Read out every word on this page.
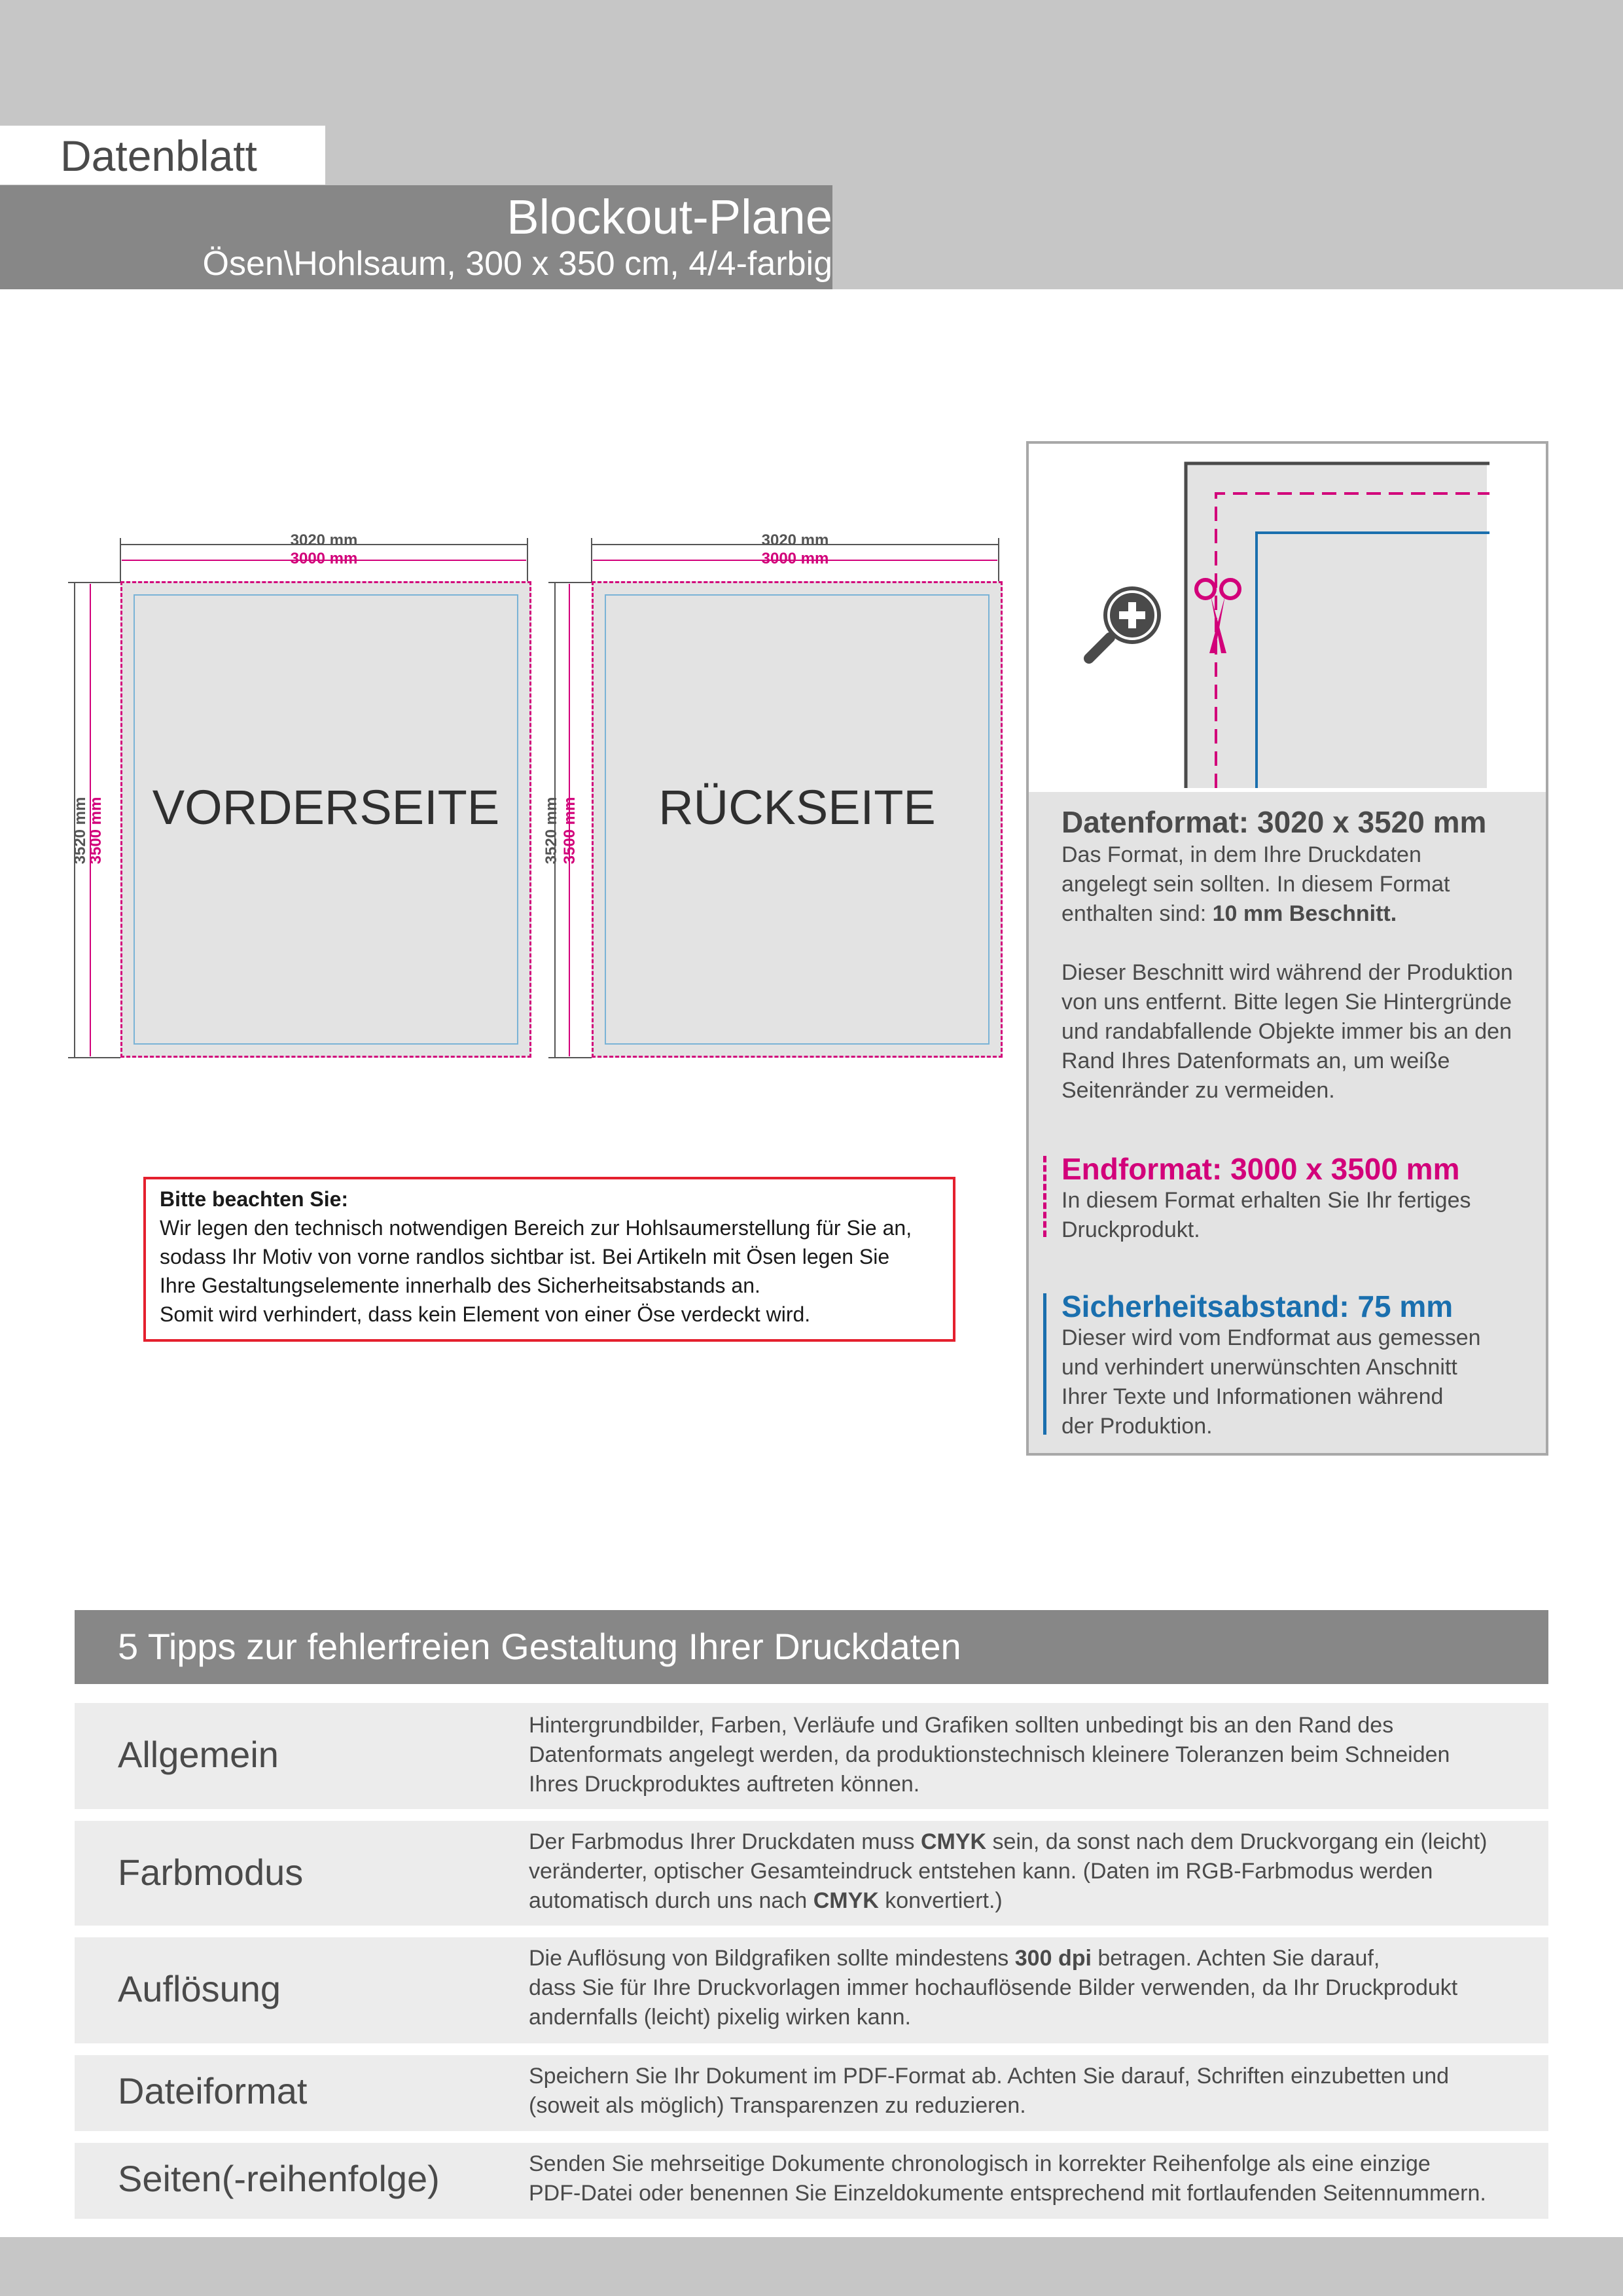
Datenblatt
Blockout-Plane
Ösen\Hohlsaum, 300 x 350 cm, 4/4-farbig
3020 mm
3000 mm
3520 mm
3500 mm VORDERSEITE
3020 mm
3000 mm
3520 mm 3500 mm	RÜCKSEITE	Datenformat: 3020 x 3520 mm
Das Format, in dem Ihre Druckdaten
angelegt sein sollten. In diesem Format
enthalten sind: 10 mm Beschnitt.
Dieser Beschnitt wird während der Produktion
von uns entfernt. Bitte legen Sie Hintergründe
und randabfallende Objekte immer bis an den
Rand Ihres Datenformats an, um weiße
Seitenränder zu vermeiden.
Endformat: 3000 x 3500 mm
In diesem Format erhalten Sie Ihr fertiges
Druckprodukt.
Sicherheitsabstand: 75 mm
Dieser wird vom Endformat aus gemessen
und verhindert unerwünschten Anschnitt
Ihrer Texte und Informationen während
der Produktion.
Bitte beachten Sie:
Wir legen den technisch notwendigen Bereich zur Hohlsaumerstellung für Sie an,
sodass Ihr Motiv von vorne randlos sichtbar ist. Bei Artikeln mit Ösen legen Sie
Ihre Gestaltungselemente innerhalb des Sicherheitsabstands an.
Somit wird verhindert, dass kein Element von einer Öse verdeckt wird.
5 Tipps zur fehlerfreien Gestaltung Ihrer Druckdaten
Allgemein
Hintergrundbilder, Farben, Verläufe und Grafiken sollten unbedingt bis an den Rand des
Datenformats angelegt werden, da produktionstechnisch kleinere Toleranzen beim Schneiden
Ihres Druckproduktes auftreten können.
Farbmodus
Der Farbmodus Ihrer Druckdaten muss CMYK sein, da sonst nach dem Druckvorgang ein (leicht)
veränderter, optischer Gesamteindruck entstehen kann. (Daten im RGB-Farbmodus werden
automatisch durch uns nach CMYK konvertiert.)
Auflösung
Die Auflösung von Bildgrafiken sollte mindestens 300 dpi betragen. Achten Sie darauf,
dass Sie für Ihre Druckvorlagen immer hochauflösende Bilder verwenden, da Ihr Druckprodukt
andernfalls (leicht) pixelig wirken kann.
Dateiformat	Speichern Sie Ihr Dokument im PDF-Format ab. Achten Sie darauf, Schriften einzubetten und
(soweit als möglich) Transparenzen zu reduzieren.
Seiten(-reihenfolge)	Senden Sie mehrseitige Dokumente chronologisch in korrekter Reihenfolge als eine einzige
PDF-Datei oder benennen Sie Einzeldokumente entsprechend mit fortlaufenden Seitennummern.
